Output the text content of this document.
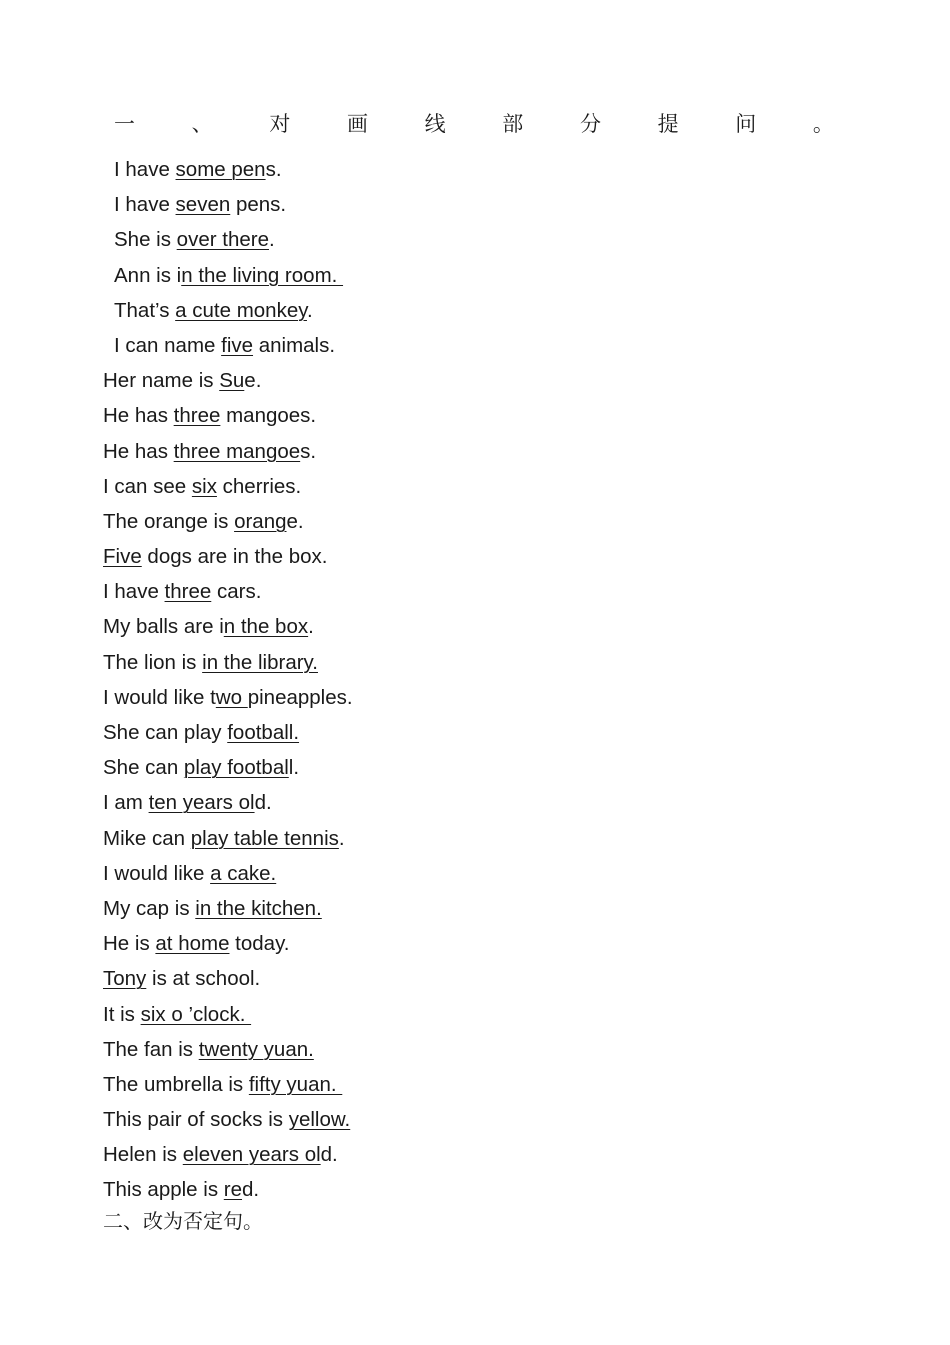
一	、	对	画	线	部	分	提	问	。
I have some pens.
I have seven pens.
She is over there.
Ann is in the living room.
That’s a cute monkey.
I can name five animals.
Her name is Sue.
He has three mangoes.
He has three mangoes.
I can see six cherries.
The orange is orange.
Five dogs are in the box.
I have three cars.
My balls are in the box.
The lion is in the library.
I would like two pineapples.
She can play football.
She can play football.
I am ten years old.
Mike can play table tennis.
I would like a cake.
My cap is in the kitchen.
He is at home today.
Tony is at school.
It is six o ’clock.
The fan is twenty yuan.
The umbrella is fifty yuan.
This pair of socks is yellow.
Helen is eleven years old.
This apple is red.
二、改为否定句。
